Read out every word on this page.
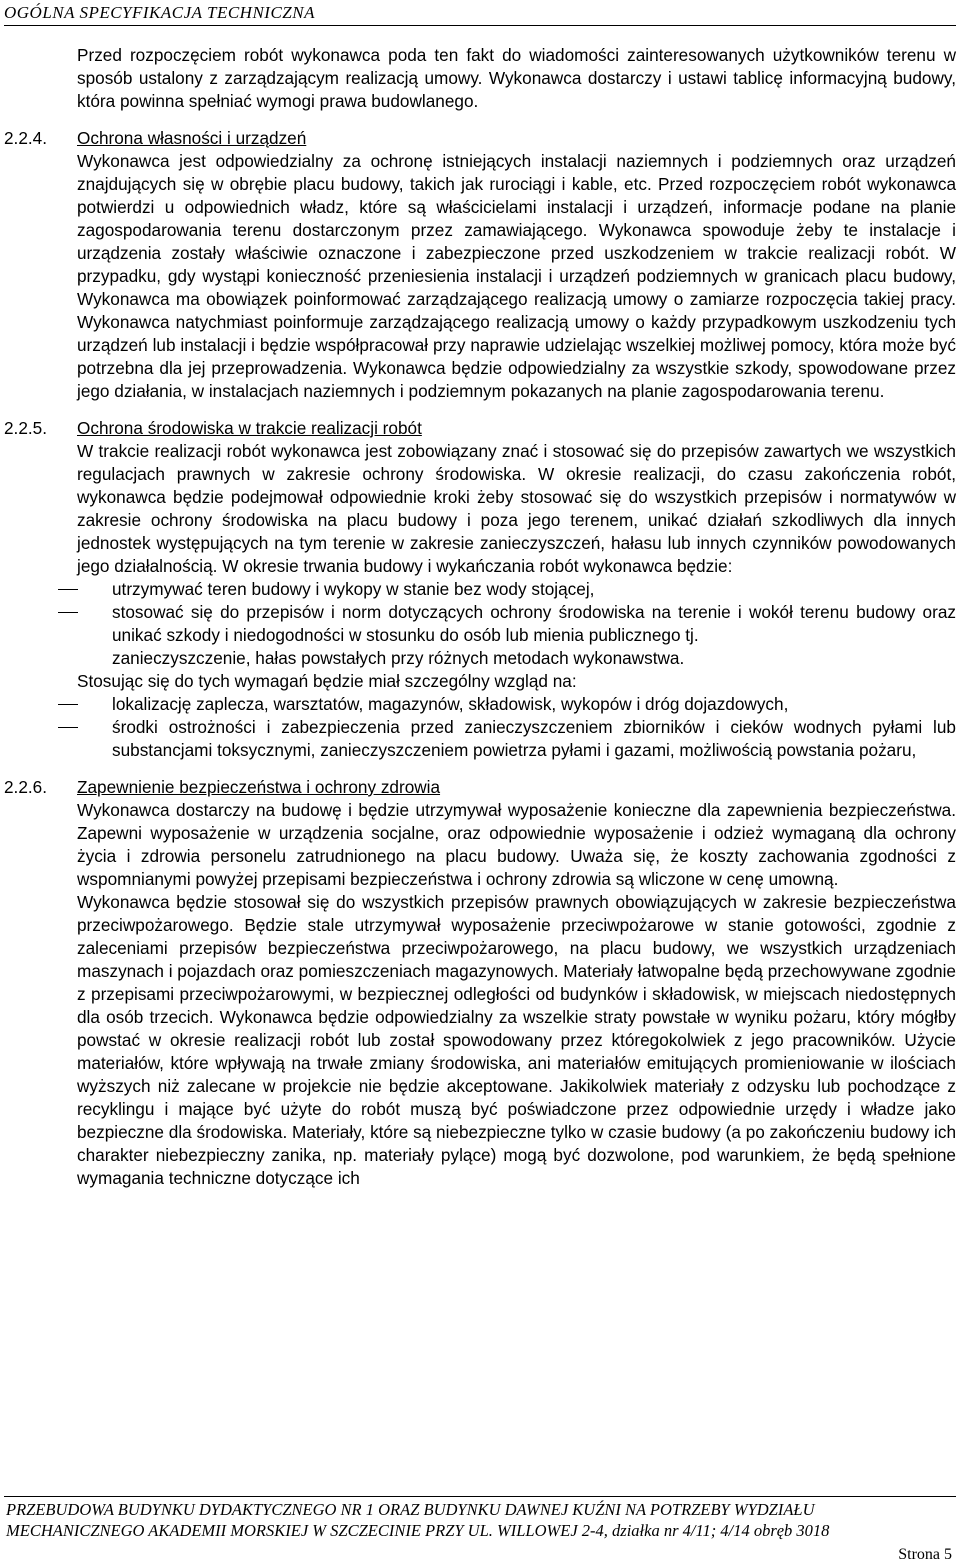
OGÓLNA SPECYFIKACJA TECHNICZNA
Przed rozpoczęciem robót wykonawca poda ten fakt do wiadomości zainteresowanych użytkowników terenu w sposób ustalony z zarządzającym realizacją umowy. Wykonawca dostarczy i ustawi tablicę informacyjną budowy, która powinna spełniać wymogi prawa budowlanego.
2.2.4.	Ochrona własności i urządzeń
Wykonawca jest odpowiedzialny za ochronę istniejących instalacji naziemnych i podziemnych oraz urządzeń znajdujących się w obrębie placu budowy, takich jak rurociągi i kable, etc. Przed rozpoczęciem robót wykonawca potwierdzi u odpowiednich władz, które są właścicielami instalacji i urządzeń, informacje podane na planie zagospodarowania terenu dostarczonym przez zamawiającego. Wykonawca spowoduje żeby te instalacje i urządzenia zostały właściwie oznaczone i zabezpieczone przed uszkodzeniem w trakcie realizacji robót. W przypadku, gdy wystąpi konieczność przeniesienia instalacji i urządzeń podziemnych w granicach placu budowy, Wykonawca ma obowiązek poinformować zarządzającego realizacją umowy o zamiarze rozpoczęcia takiej pracy. Wykonawca natychmiast poinformuje zarządzającego realizacją umowy o każdy przypadkowym uszkodzeniu tych urządzeń lub instalacji i będzie współpracował przy naprawie udzielając wszelkiej możliwej pomocy, która może być potrzebna dla jej przeprowadzenia. Wykonawca będzie odpowiedzialny za wszystkie szkody, spowodowane przez jego działania, w instalacjach naziemnych i podziemnym pokazanych na planie zagospodarowania terenu.
2.2.5.	Ochrona środowiska w trakcie realizacji robót
W trakcie realizacji robót wykonawca jest zobowiązany znać i stosować się do przepisów zawartych we wszystkich regulacjach prawnych w zakresie ochrony środowiska. W okresie realizacji, do czasu zakończenia robót, wykonawca będzie podejmował odpowiednie kroki żeby stosować się do wszystkich przepisów i normatywów w zakresie ochrony środowiska na placu budowy i poza jego terenem, unikać działań szkodliwych dla innych jednostek występujących na tym terenie w zakresie zanieczyszczeń, hałasu lub innych czynników powodowanych jego działalnością. W okresie trwania budowy i wykańczania robót wykonawca będzie:
utrzymywać teren budowy i wykopy w stanie bez wody stojącej,
stosować się do przepisów i norm dotyczących ochrony środowiska na terenie i wokół terenu budowy oraz unikać szkody i niedogodności w stosunku do osób lub mienia publicznego tj.
zanieczyszczenie, hałas powstałych przy różnych metodach wykonawstwa.
Stosując się do tych wymagań będzie miał szczególny wzgląd na:
lokalizację zaplecza, warsztatów, magazynów, składowisk, wykopów i dróg dojazdowych,
środki ostrożności i zabezpieczenia przed zanieczyszczeniem zbiorników i cieków wodnych pyłami lub substancjami toksycznymi, zanieczyszczeniem powietrza pyłami i gazami, możliwością powstania pożaru,
2.2.6.	Zapewnienie bezpieczeństwa i ochrony zdrowia
Wykonawca dostarczy na budowę i będzie utrzymywał wyposażenie konieczne dla zapewnienia bezpieczeństwa. Zapewni wyposażenie w urządzenia socjalne, oraz odpowiednie wyposażenie i odzież wymaganą dla ochrony życia i zdrowia personelu zatrudnionego na placu budowy. Uważa się, że koszty zachowania zgodności z wspomnianymi powyżej przepisami bezpieczeństwa i ochrony zdrowia są wliczone w cenę umowną.
Wykonawca będzie stosował się do wszystkich przepisów prawnych obowiązujących w zakresie bezpieczeństwa przeciwpożarowego. Będzie stale utrzymywał wyposażenie przeciwpożarowe w stanie gotowości, zgodnie z zaleceniami przepisów bezpieczeństwa przeciwpożarowego, na placu budowy, we wszystkich urządzeniach maszynach i pojazdach oraz pomieszczeniach magazynowych. Materiały łatwopalne będą przechowywane zgodnie z przepisami przeciwpożarowymi, w bezpiecznej odległości od budynków i składowisk, w miejscach niedostępnych dla osób trzecich. Wykonawca będzie odpowiedzialny za wszelkie straty powstałe w wyniku pożaru, który mógłby powstać w okresie realizacji robót lub został spowodowany przez któregokolwiek z jego pracowników. Użycie materiałów, które wpływają na trwałe zmiany środowiska, ani materiałów emitujących promieniowanie w ilościach wyższych niż zalecane w projekcie nie będzie akceptowane. Jakikolwiek materiały z odzysku lub pochodzące z recyklingu i mające być użyte do robót muszą być poświadczone przez odpowiednie urzędy i władze jako bezpieczne dla środowiska. Materiały, które są niebezpieczne tylko w czasie budowy (a po zakończeniu budowy ich charakter niebezpieczny zanika, np. materiały pylące) mogą być dozwolone, pod warunkiem, że będą spełnione wymagania techniczne dotyczące ich
PRZEBUDOWA BUDYNKU DYDAKTYCZNEGO NR 1 ORAZ BUDYNKU DAWNEJ KUŹNI NA POTRZEBY WYDZIAŁU
MECHANICZNEGO AKADEMII MORSKIEJ W SZCZECINIE PRZY UL. WILLOWEJ 2-4, działka nr 4/11; 4/14 obręb 3018
Strona 5
